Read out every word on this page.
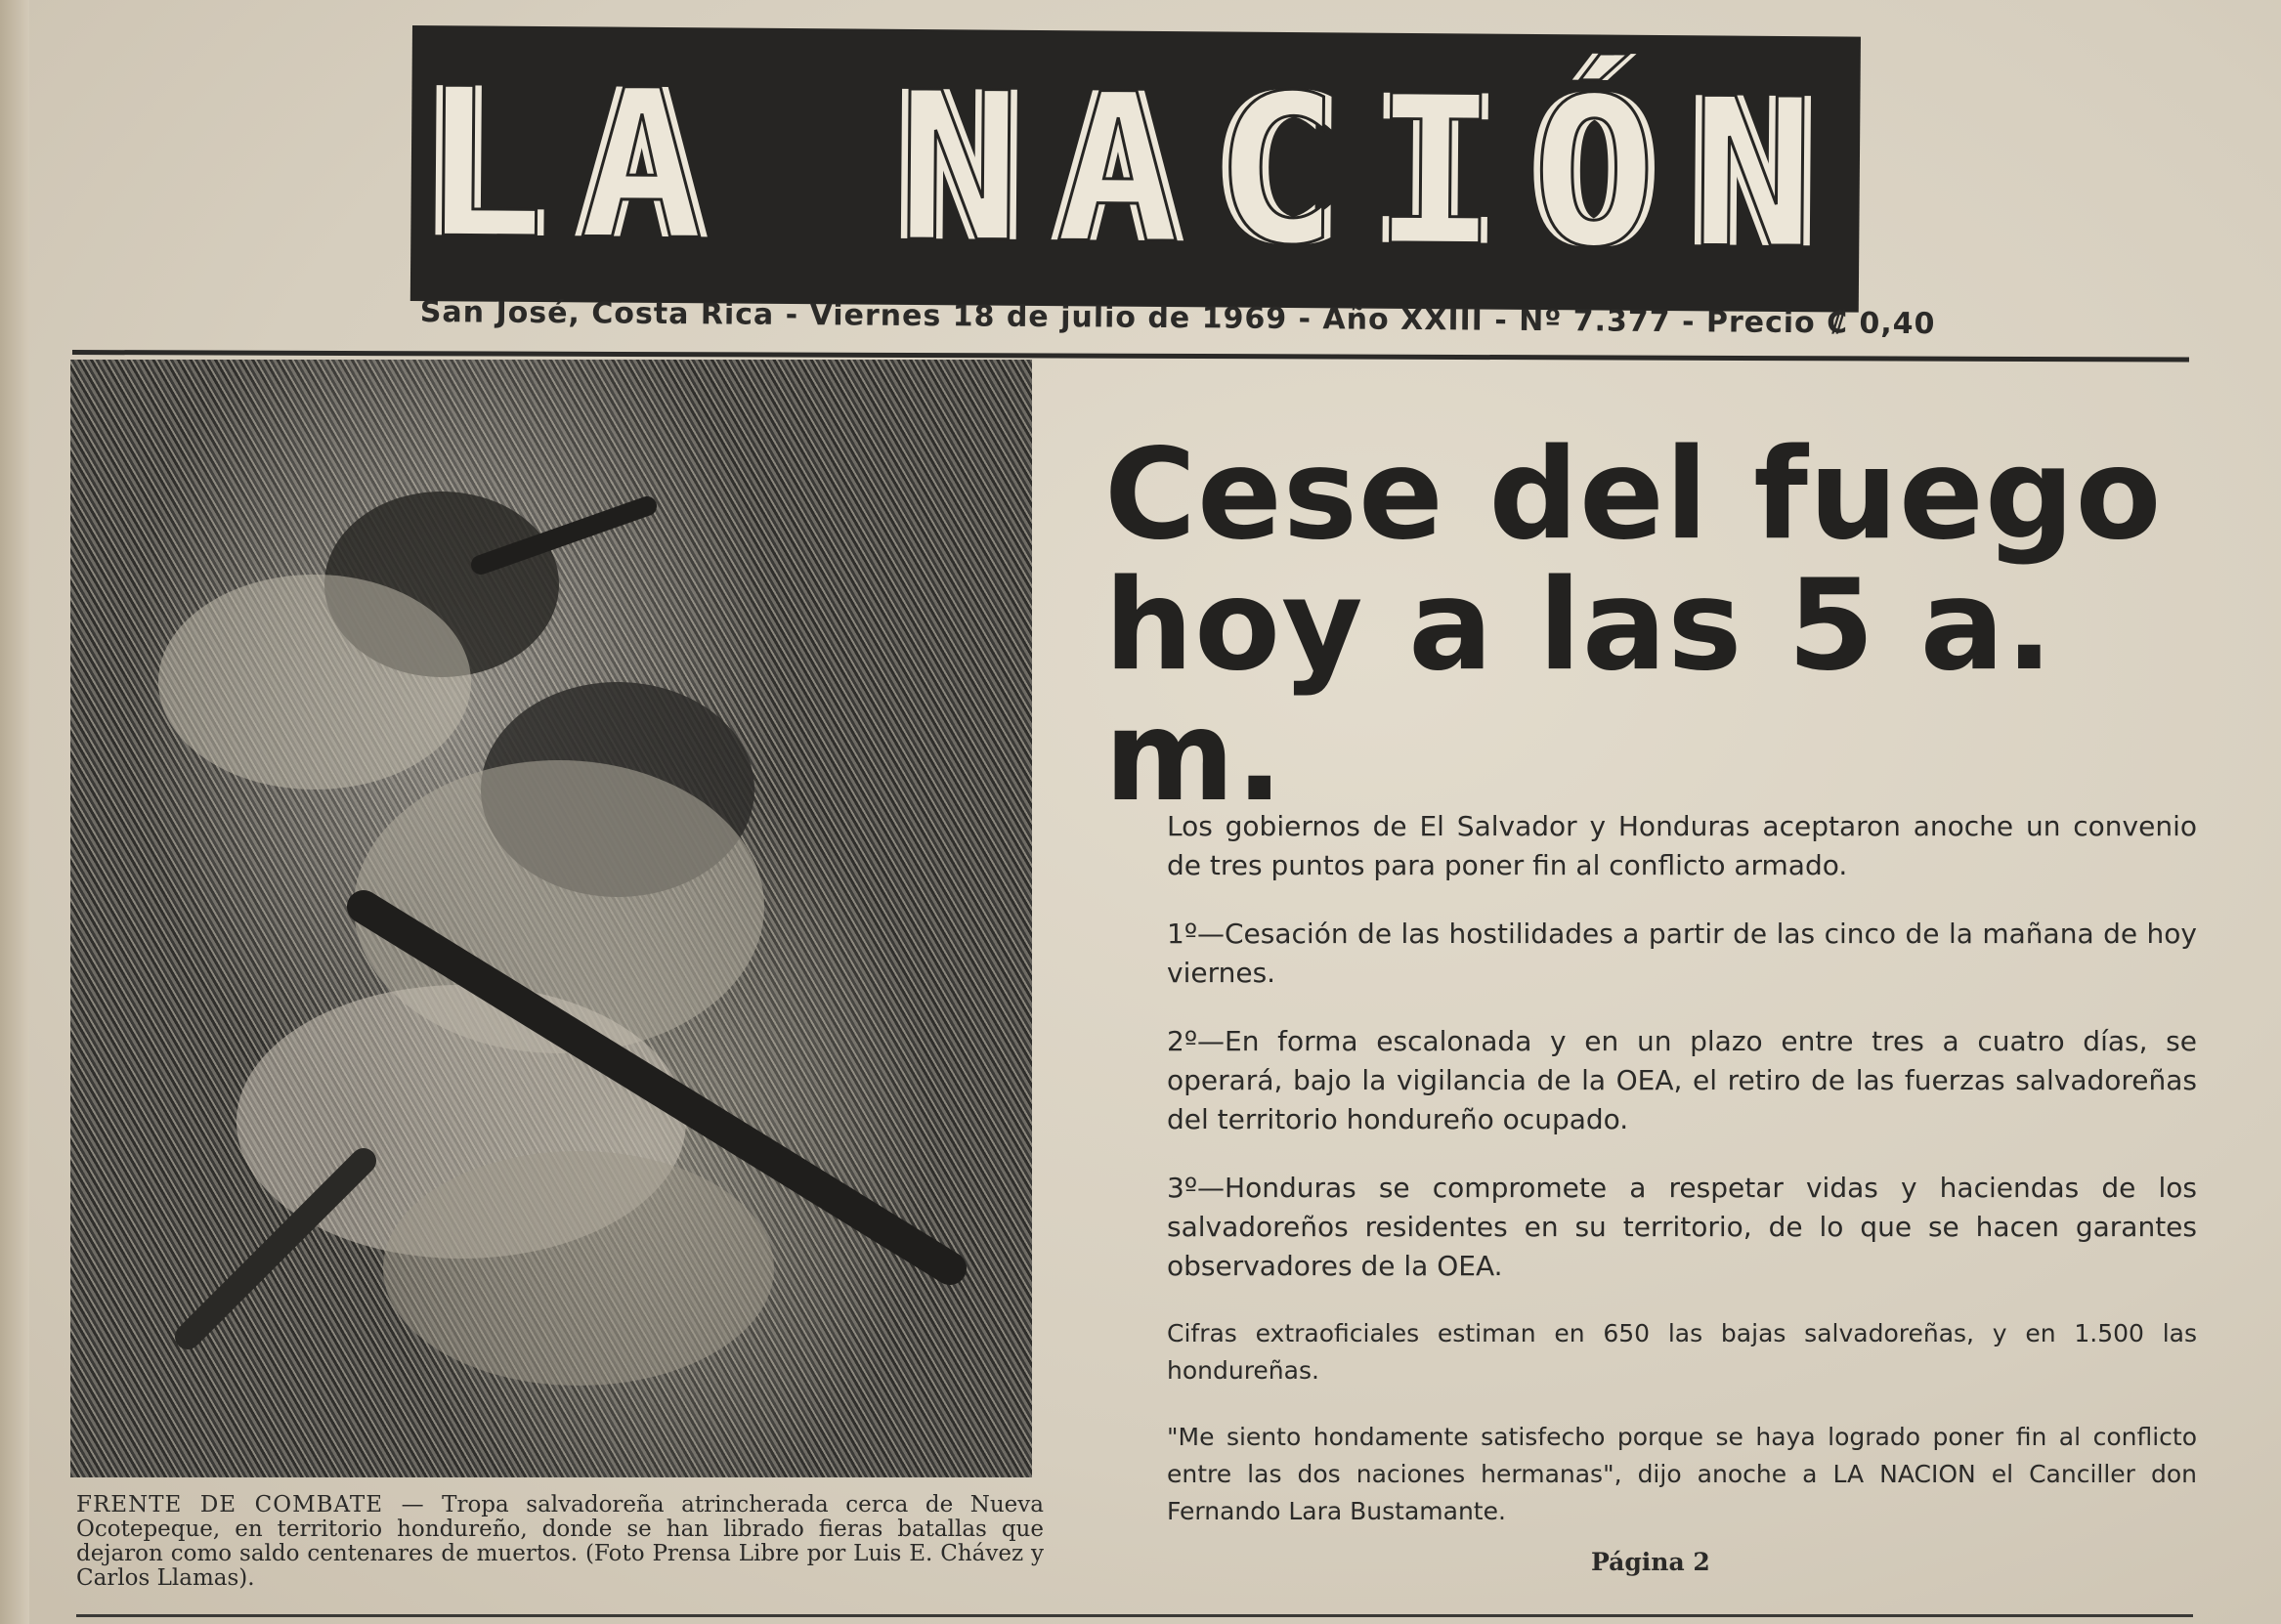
LA NACIÓN
San José, Costa Rica - Viernes 18 de julio de 1969 - Año XXIII - Nº 7.377 - Precio ₡ 0,40
FRENTE DE COMBATE — Tropa salvadoreña atrincherada cerca de Nueva Ocotepeque, en territorio hondureño, donde se han librado fieras batallas que dejaron como saldo centenares de muertos. (Foto Prensa Libre por Luis E. Chávez y Carlos Llamas).
Cese del fuego
hoy a las 5 a. m.

Los gobiernos de El Salvador y Honduras aceptaron anoche un convenio de tres puntos para poner fin al conflicto armado.

1º—Cesación de las hostilidades a partir de las cinco de la mañana de hoy viernes.

2º—En forma escalonada y en un plazo entre tres a cuatro días, se operará, bajo la vigilancia de la OEA, el retiro de las fuerzas salvadoreñas del territorio hondureño ocupado.

3º—Honduras se compromete a respetar vidas y haciendas de los salvadoreños residentes en su territorio, de lo que se hacen garantes observadores de la OEA.

Cifras extraoficiales estiman en 650 las bajas salvadoreñas, y en 1.500 las hondureñas.

"Me siento hondamente satisfecho porque se haya logrado poner fin al conflicto entre las dos naciones hermanas", dijo anoche a LA NACION el Canciller don Fernando Lara Bustamante.

Página 2
